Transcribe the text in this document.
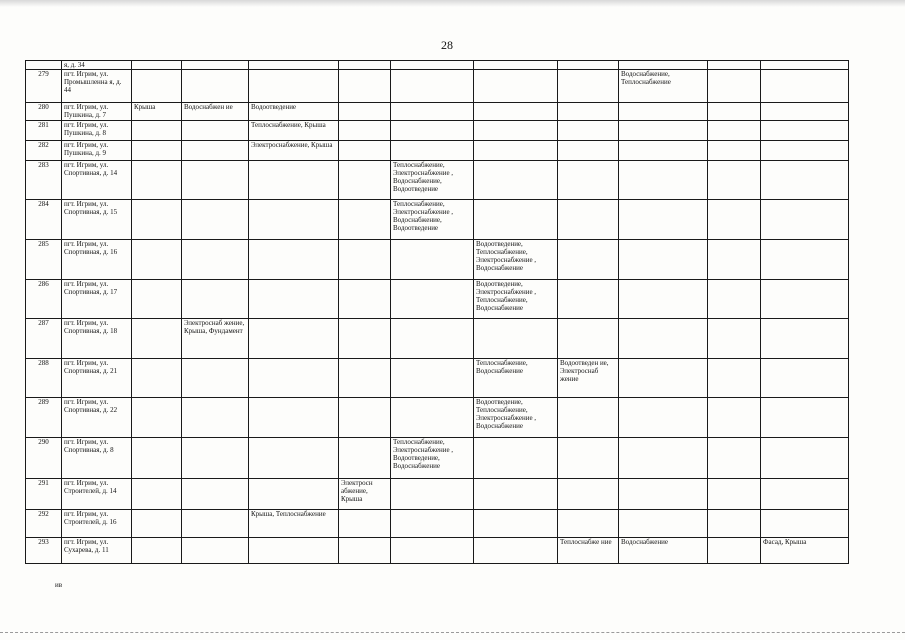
28
	я, д. 34										
279	пгт. Игрим, ул. Промышленна я, д. 44								Водоснабжение, Теплоснабжение		
280	пгт. Игрим, ул. Пушкина, д. 7	Крыша	Водоснабжен ие	Водоотведение							
281	пгт. Игрим, ул. Пушкина, д. 8			Теплоснабжение, Крыша							
282	пгт. Игрим, ул. Пушкина, д. 9			Электроснабжение, Крыша							
283	пгт. Игрим, ул. Спортивная, д. 14					Теплоснабжение, Электроснабжение , Водоснабжение, Водоотведение					
284	пгт. Игрим, ул. Спортивная, д. 15					Теплоснабжение, Электроснабжение , Водоснабжение, Водоотведение					
285	пгт. Игрим, ул. Спортивная, д. 16						Водоотведение, Теплоснабжение, Электроснабжение , Водоснабжение				
286	пгт. Игрим, ул. Спортивная, д. 17						Водоотведение, Электроснабжение , Теплоснабжение, Водоснабжение				
287	пгт. Игрим, ул. Спортивная, д. 18		Электроснаб жение, Крыша, Фундамент								
288	пгт. Игрим, ул. Спортивная, д. 21						Теплоснабжение, Водоснабжение	Водоотведен ие, Электроснаб жение			
289	пгт. Игрим, ул. Спортивная, д. 22						Водоотведение, Теплоснабжение, Электроснабжение , Водоснабжение				
290	пгт. Игрим, ул. Спортивная, д. 8					Теплоснабжение, Электроснабжение , Водоотведение, Водоснабжение					
291	пгт. Игрим, ул. Строителей, д. 14				Электросн абжение, Крыша						
292	пгт. Игрим, ул. Строителей, д. 16			Крыша, Теплоснабжение							
293	пгт. Игрим, ул. Сухарева, д. 11							Теплоснабже ние	Водоснабжение		Фасад, Крыша
ив
